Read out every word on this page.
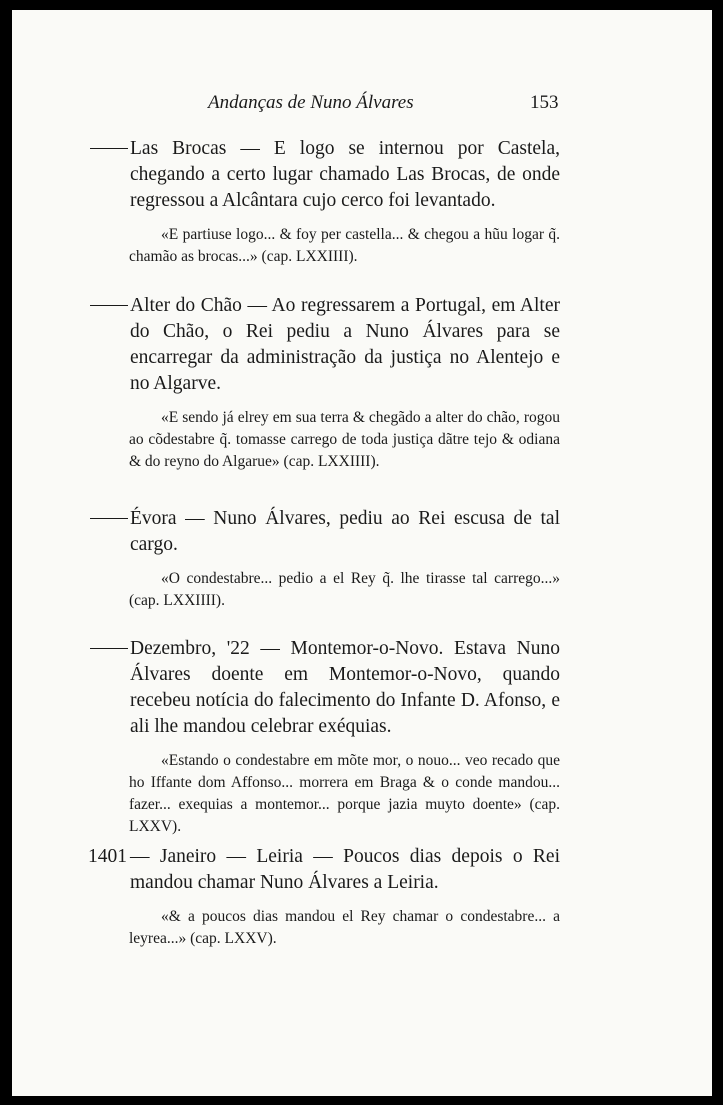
Andanças de Nuno Álvares	153
Las Brocas — E logo se internou por Castela, chegando a certo lugar chamado Las Brocas, de onde regressou a Alcântara cujo cerco foi levantado.

«E partiuse logo... & foy per castella... & chegou a hũu logar q̃. chamão as brocas...» (cap. LXXIIII).

Alter do Chão — Ao regressarem a Portugal, em Alter do Chão, o Rei pediu a Nuno Álvares para se encarregar da administração da justiça no Alentejo e no Algarve.

«E sendo já elrey em sua terra & chegãdo a alter do chão, rogou ao cõdestabre q̃. tomasse carrego de toda justiça dãtre tejo & odiana & do reyno do Algarue» (cap. LXXIIII).

Évora — Nuno Álvares, pediu ao Rei escusa de tal cargo.

«O condestabre... pedio a el Rey q̃. lhe tirasse tal carrego...» (cap. LXXIIII).

Dezembro, '22 — Montemor-o-Novo. Estava Nuno Álvares doente em Montemor-o-Novo, quando recebeu notícia do falecimento do Infante D. Afonso, e ali lhe mandou celebrar exéquias.

«Estando o condestabre em mõte mor, o nouo... veo recado que ho Iffante dom Affonso... morrera em Braga & o conde mandou... fazer... exequias a montemor... porque jazia muyto doente» (cap. LXXV).

1401 — Janeiro — Leiria — Poucos dias depois o Rei mandou chamar Nuno Álvares a Leiria.

«& a poucos dias mandou el Rey chamar o condestabre... a leyrea...» (cap. LXXV).
